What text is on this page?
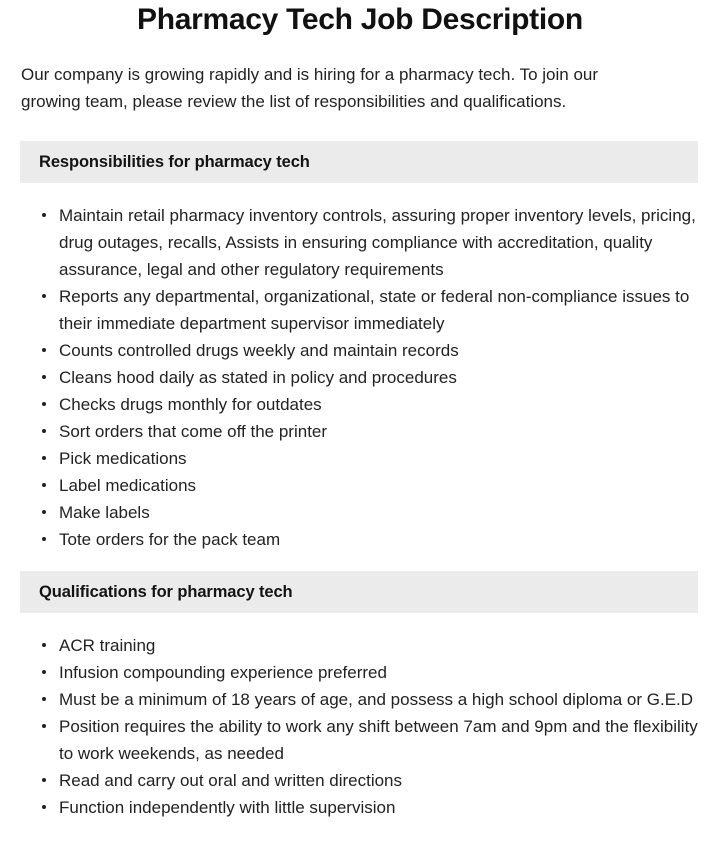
Pharmacy Tech Job Description

Our company is growing rapidly and is hiring for a pharmacy tech. To join our growing team, please review the list of responsibilities and qualifications.

Responsibilities for pharmacy tech
Maintain retail pharmacy inventory controls, assuring proper inventory levels, pricing, drug outages, recalls, Assists in ensuring compliance with accreditation, quality assurance, legal and other regulatory requirements
Reports any departmental, organizational, state or federal non-compliance issues to their immediate department supervisor immediately
Counts controlled drugs weekly and maintain records
Cleans hood daily as stated in policy and procedures
Checks drugs monthly for outdates
Sort orders that come off the printer
Pick medications
Label medications
Make labels
Tote orders for the pack team
Qualifications for pharmacy tech
ACR training
Infusion compounding experience preferred
Must be a minimum of 18 years of age, and possess a high school diploma or G.E.D
Position requires the ability to work any shift between 7am and 9pm and the flexibility to work weekends, as needed
Read and carry out oral and written directions
Function independently with little supervision
